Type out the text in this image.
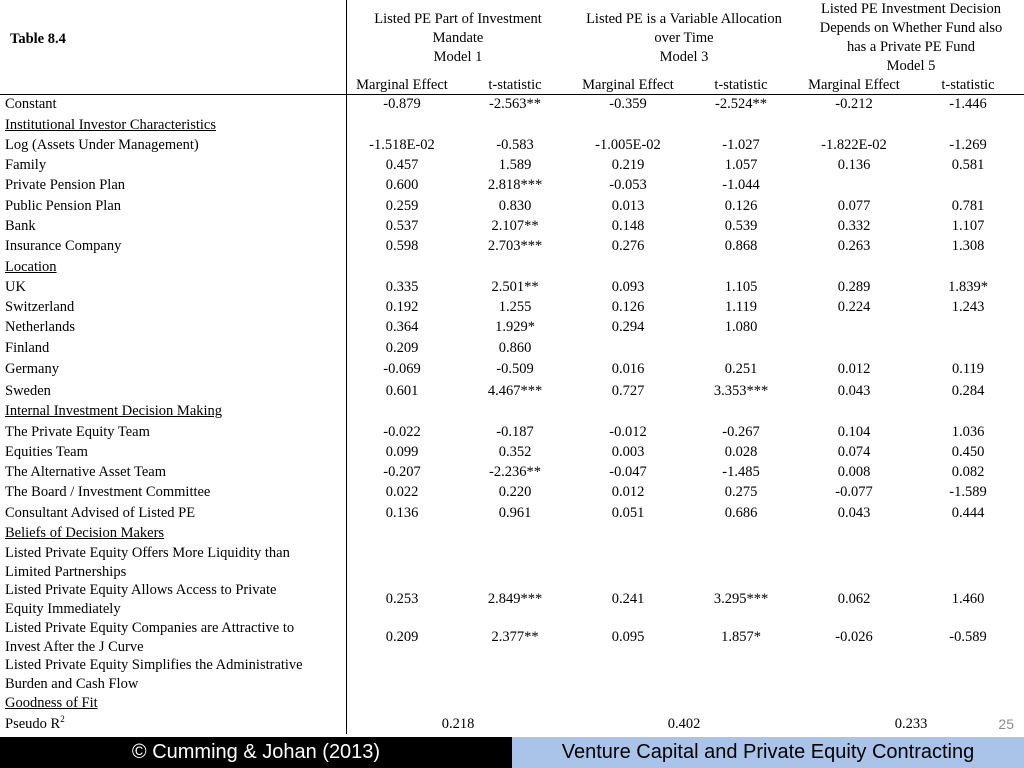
Table 8.4
Listed PE Part of Investment
Mandate
Model 1
Listed PE is a Variable Allocation
over Time
Model 3
Listed PE Investment Decision
Depends on Whether Fund also
has a Private PE Fund
Model 5
Marginal Effect	t-statistic	Marginal Effect	t-statistic	Marginal Effect	t-statistic
Constant	-0.879	-2.563**	-0.359	-2.524**	-0.212	-1.446
Institutional Investor Characteristics
Log (Assets Under Management)	-1.518E-02	-0.583	-1.005E-02	-1.027	-1.822E-02	-1.269
Family	0.457	1.589	0.219	1.057	0.136	0.581
Private Pension Plan	0.600	2.818***	-0.053	-1.044
Public Pension Plan	0.259	0.830	0.013	0.126	0.077	0.781
Bank	0.537	2.107**	0.148	0.539	0.332	1.107
Insurance Company	0.598	2.703***	0.276	0.868	0.263	1.308
Location
UK	0.335	2.501**	0.093	1.105	0.289	1.839*
Switzerland	0.192	1.255	0.126	1.119	0.224	1.243
Netherlands	0.364	1.929*	0.294	1.080
Finland	0.209	0.860
Germany	-0.069	-0.509	0.016	0.251	0.012	0.119
Sweden	0.601	4.467***	0.727	3.353***	0.043	0.284
Internal Investment Decision Making
The Private Equity Team	-0.022	-0.187	-0.012	-0.267	0.104	1.036
Equities Team	0.099	0.352	0.003	0.028	0.074	0.450
The Alternative Asset Team	-0.207	-2.236**	-0.047	-1.485	0.008	0.082
The Board / Investment Committee	0.022	0.220	0.012	0.275	-0.077	-1.589
Consultant Advised of Listed PE	0.136	0.961	0.051	0.686	0.043	0.444
Beliefs of Decision Makers
Listed Private Equity Offers More Liquidity than
Limited Partnerships
Listed Private Equity Allows Access to Private
Equity Immediately
0.253	2.849***	0.241	3.295***	0.062	1.460
Listed Private Equity Companies are Attractive to
Invest After the J Curve
0.209	2.377**	0.095	1.857*	-0.026	-0.589
Listed Private Equity Simplifies the Administrative
Burden and Cash Flow
Goodness of Fit
Pseudo $R^2$	0.218	0.402	0.233	25
© Cumming & Johan (2013)	Venture Capital and Private Equity Contracting
